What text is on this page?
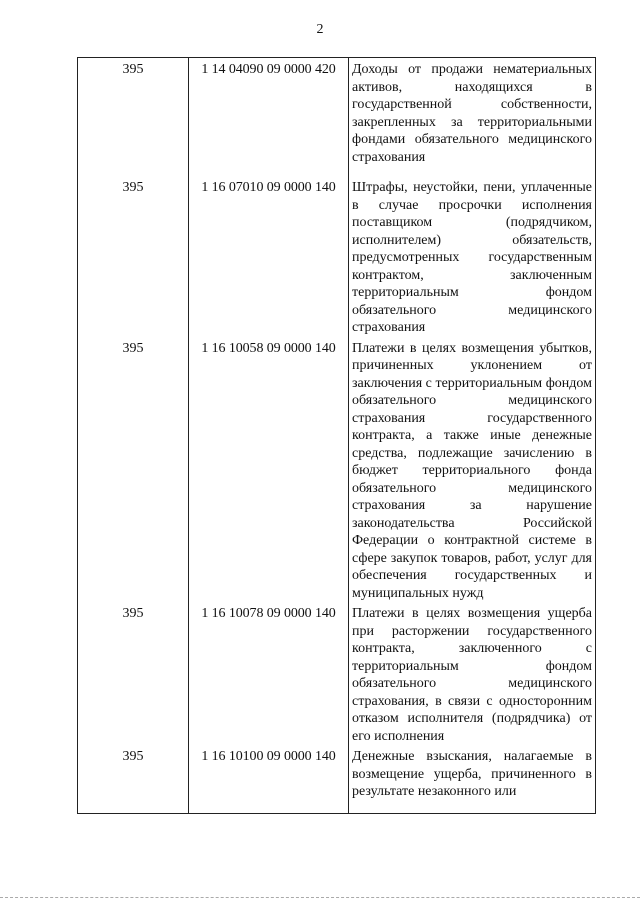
2
395	1 14 04090 09 0000 420	Доходы от продажи нематериальных активов, находящихся в государственной собственности, закрепленных за территориальными фондами обязательного медицинского страхования
395	1 16 07010 09 0000 140	Штрафы, неустойки, пени, уплаченные в случае просрочки исполнения поставщиком (подрядчиком, исполнителем) обязательств, предусмотренных государственным контрактом, заключенным территориальным фондом обязательного медицинского страхования
395	1 16 10058 09 0000 140	Платежи в целях возмещения убытков, причиненных уклонением от заключения с территориальным фондом обязательного медицинского страхования государственного контракта, а также иные денежные средства, подлежащие зачислению в бюджет территориального фонда обязательного медицинского страхования за нарушение законодательства Российской Федерации о контрактной системе в сфере закупок товаров, работ, услуг для обеспечения государственных и муниципальных нужд
395	1 16 10078 09 0000 140	Платежи в целях возмещения ущерба при расторжении государственного контракта, заключенного с территориальным фондом обязательного медицинского страхования, в связи с односторонним отказом исполнителя (подрядчика) от его исполнения
395	1 16 10100 09 0000 140	Денежные взыскания, налагаемые в возмещение ущерба, причиненного в результате незаконного или
